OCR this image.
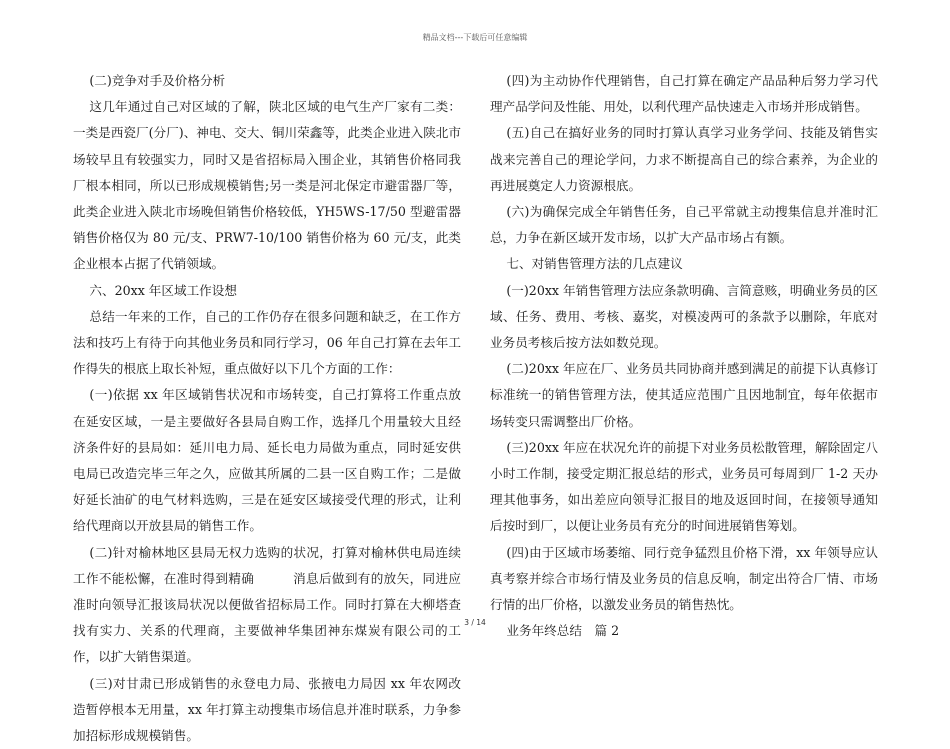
精品文档---下载后可任意编辑

(二)竞争对手及价格分析

这几年通过自己对区域的了解，陕北区域的电气生产厂家有二类：一类是西瓷厂(分厂)、神电、交大、铜川荣鑫等，此类企业进入陕北市场较早且有较强实力，同时又是省招标局入围企业，其销售价格同我厂根本相同，所以已形成规模销售;另一类是河北保定市避雷器厂等，此类企业进入陕北市场晚但销售价格较低，YH5WS-17/50 型避雷器销售价格仅为 80 元/支、PRW7-10/100 销售价格为 60 元/支，此类企业根本占据了代销领域。

六、20xx 年区域工作设想

总结一年来的工作，自己的工作仍存在很多问题和缺乏，在工作方法和技巧上有待于向其他业务员和同行学习，06 年自己打算在去年工作得失的根底上取长补短，重点做好以下几个方面的工作：

(一)依据 xx 年区域销售状况和市场转变，自己打算将工作重点放在延安区域，一是主要做好各县局自购工作，选择几个用量较大且经济条件好的县局如：延川电力局、延长电力局做为重点，同时延安供电局已改造完毕三年之久，应做其所属的二县一区自购工作；二是做好延长油矿的电气材料选购，三是在延安区域接受代理的形式，让利给代理商以开放县局的销售工作。

(二)针对榆林地区县局无权力选购的状况，打算对榆林供电局连续工作不能松懈，在准时得到精确　　　消息后做到有的放矢，同进应准时向领导汇报该局状况以便做省招标局工作。同时打算在大柳塔查找有实力、关系的代理商，主要做神华集团神东煤炭有限公司的工作，以扩大销售渠道。

(三)对甘肃已形成销售的永登电力局、张掖电力局因 xx 年农网改造暂停根本无用量，xx 年打算主动搜集市场信息并准时联系，力争参加招标形成规模销售。

(四)为主动协作代理销售，自己打算在确定产品品种后努力学习代理产品学问及性能、用处，以利代理产品快速走入市场并形成销售。

(五)自己在搞好业务的同时打算认真学习业务学问、技能及销售实战来完善自己的理论学问，力求不断提高自己的综合素养，为企业的再进展奠定人力资源根底。

(六)为确保完成全年销售任务，自己平常就主动搜集信息并准时汇总，力争在新区域开发市场，以扩大产品市场占有额。

七、对销售管理方法的几点建议

(一)20xx 年销售管理方法应条款明确、言简意赅，明确业务员的区域、任务、费用、考核、嘉奖，对模凌两可的条款予以删除，年底对业务员考核后按方法如数兑现。

(二)20xx 年应在厂、业务员共同协商并感到满足的前提下认真修订标准统一的销售管理方法，使其适应范围广且因地制宜，每年依据市场转变只需调整出厂价格。

(三)20xx 年应在状况允许的前提下对业务员松散管理，解除固定八小时工作制，接受定期汇报总结的形式，业务员可每周到厂 1-2 天办理其他事务，如出差应向领导汇报目的地及返回时间，在接领导通知后按时到厂，以便让业务员有充分的时间进展销售筹划。

(四)由于区域市场萎缩、同行竞争猛烈且价格下滑，xx 年领导应认真考察并综合市场行情及业务员的信息反响，制定出符合厂情、市场行情的出厂价格，以激发业务员的销售热忱。

业务年终总结　篇 2

3 / 14
